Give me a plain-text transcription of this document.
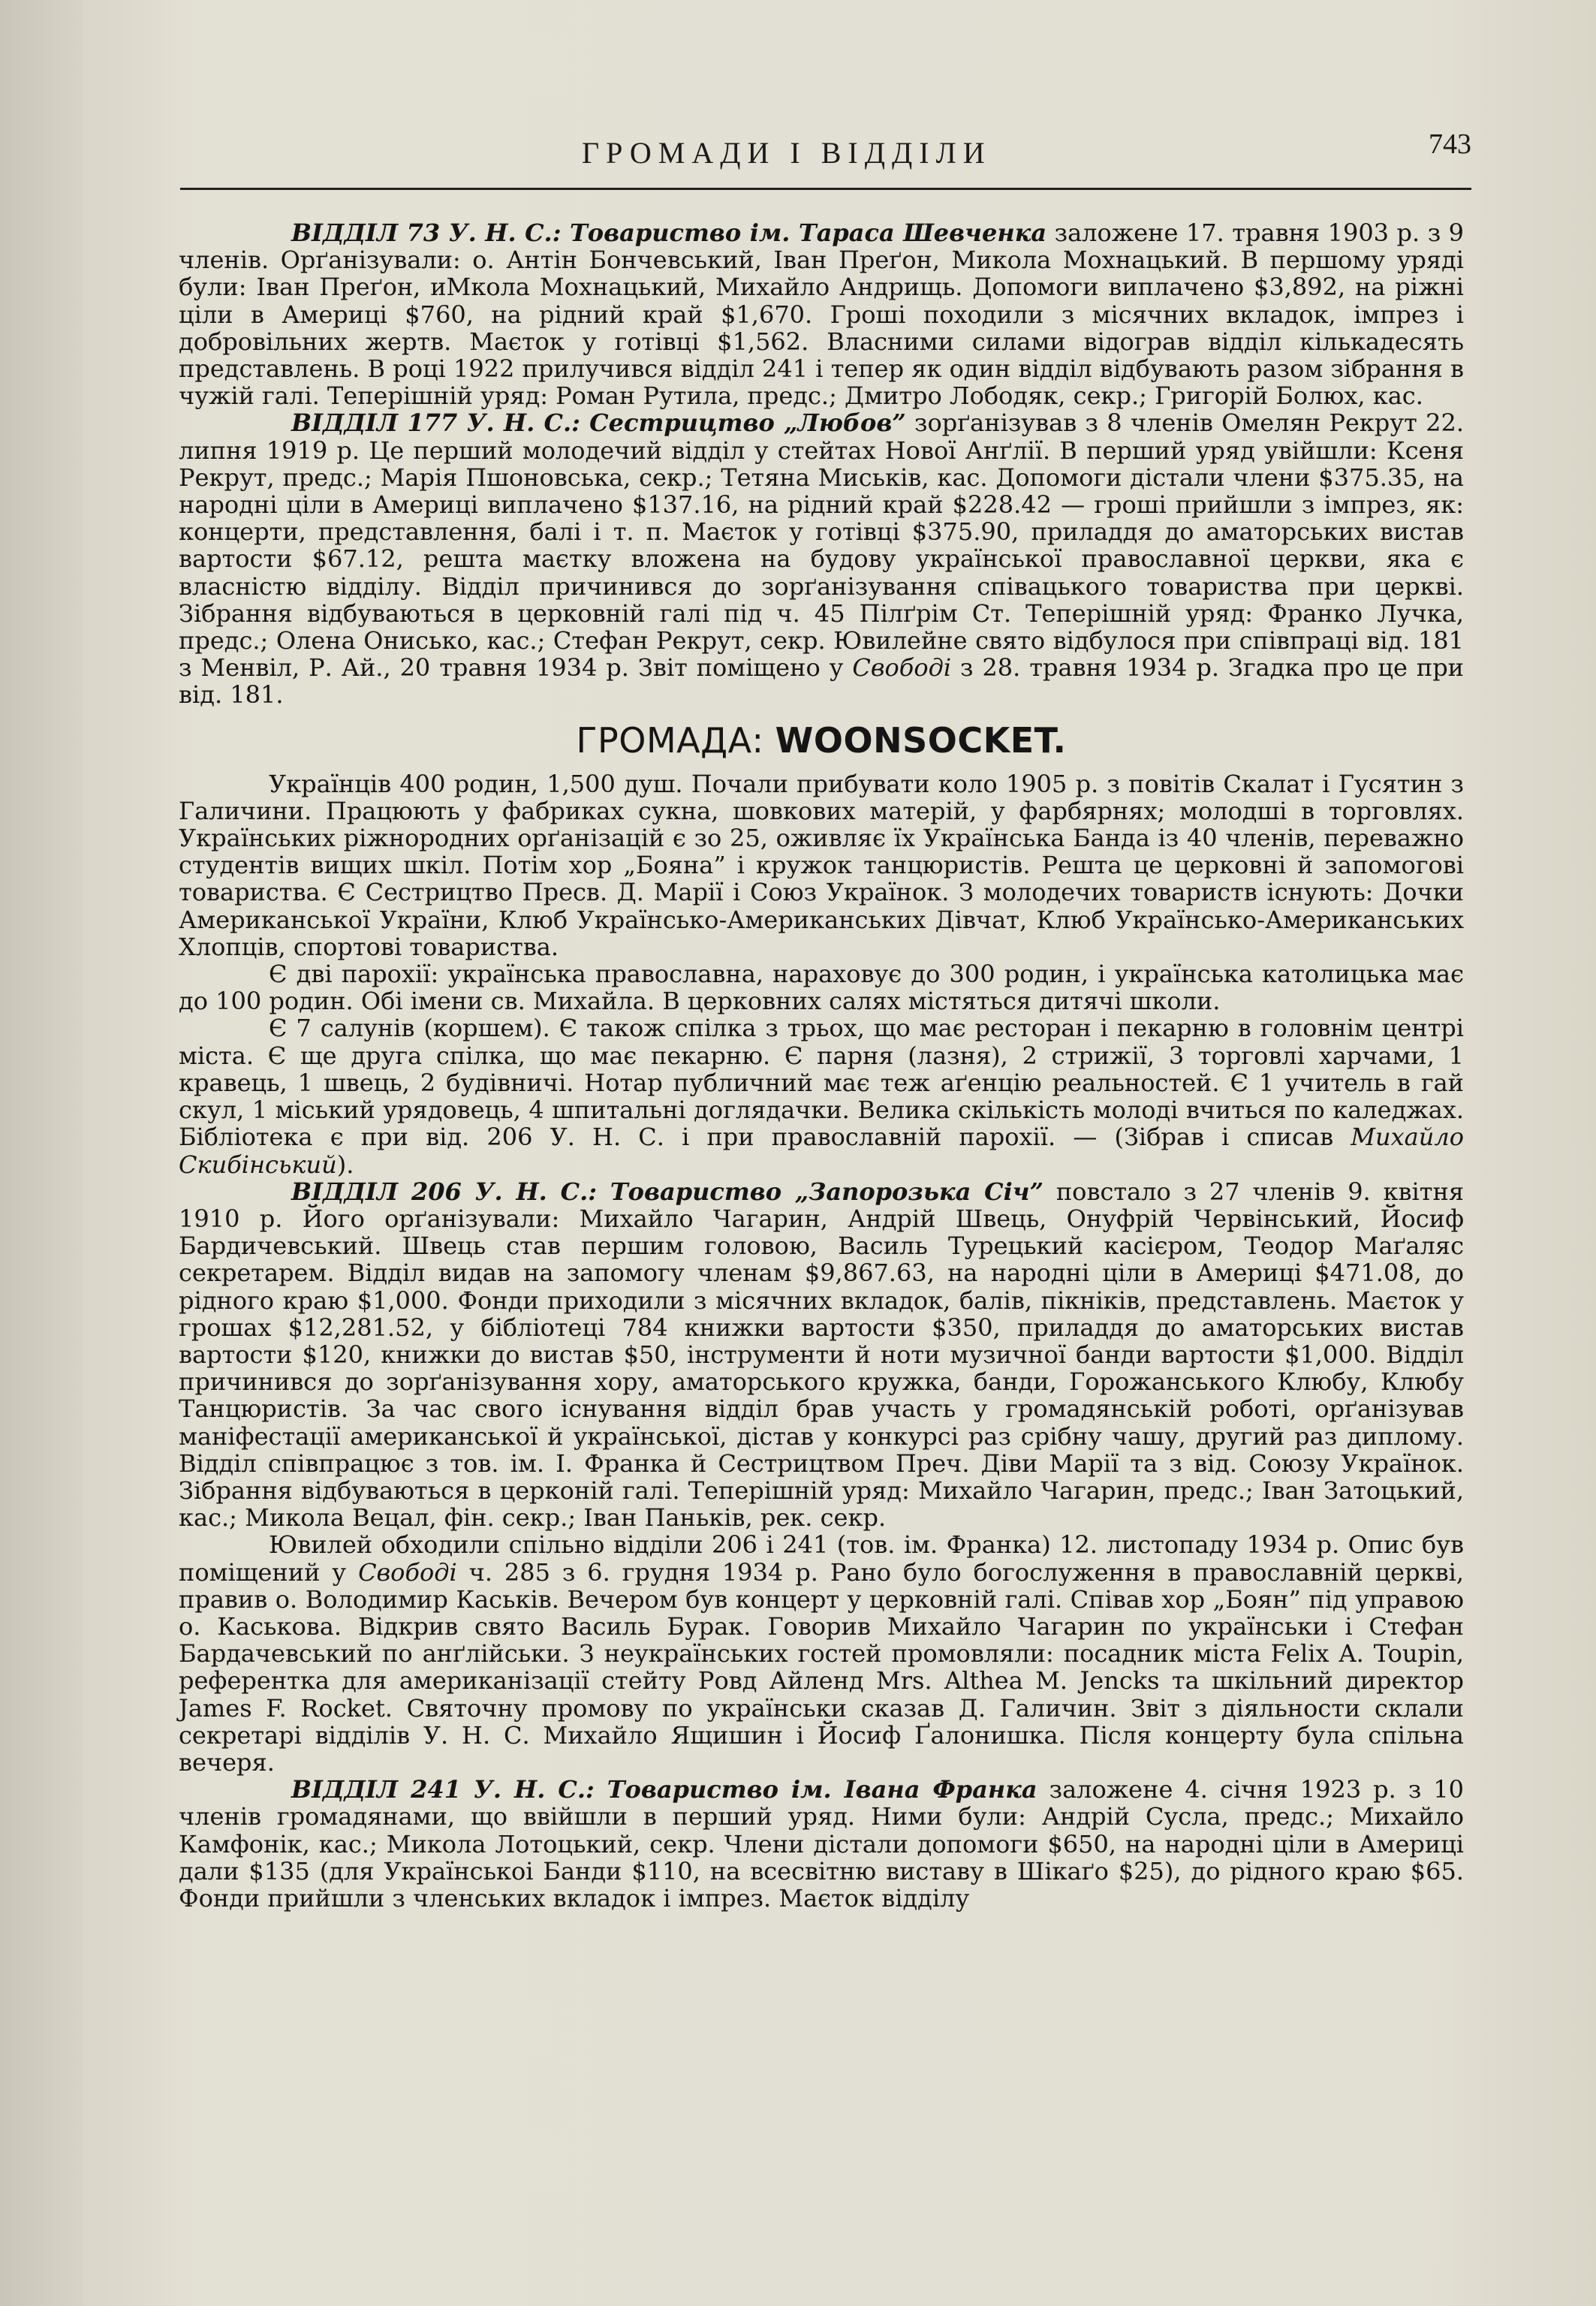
ГРОМАДИ І ВІДДІЛИ	743

ВІДДІЛ 73 У. Н. С.: Товариство ім. Тараса Шевченка заложене 17. травня 1903 р. з 9 членів. Орґанізували: о. Антін Бончевський, Іван Преґон, Микола Мохнацький. В першому уряді були: Іван Преґон, иМкола Мохнацький, Михайло Андрищь. Допомоги виплачено $3,892, на ріжні ціли в Америці $760, на рідний край $1,670. Гроші походили з місячних вкладок, імпрез і добровільних жертв. Маєток у готівці $1,562. Власними силами відограв відділ кількадесять представлень. В році 1922 прилучився відділ 241 і тепер як один відділ відбувають разом зібрання в чужій галі. Теперішній уряд: Роман Рутила, предс.; Дмитро Лободяк, секр.; Григорій Болюх, кас.

ВІДДІЛ 177 У. Н. С.: Сестрицтво „Любов” зорґанізував з 8 членів Омелян Рекрут 22. липня 1919 р. Це перший молодечий відділ у стейтах Нової Анґлії. В перший уряд увійшли: Ксеня Рекрут, предс.; Марія Пшоновська, секр.; Тетяна Миськів, кас. Допомоги дістали члени $375.35, на народні ціли в Америці виплачено $137.16, на рідний край $228.42 — гроші прийшли з імпрез, як: концерти, представлення, балі і т. п. Маєток у готівці $375.90, приладдя до аматорських вистав вартости $67.12, решта маєтку вложена на будову української православної церкви, яка є власністю відділу. Відділ причинився до зорґанізування співацького товариства при церкві. Зібрання відбуваються в церковній галі під ч. 45 Пілґрім Ст. Теперішній уряд: Франко Лучка, предс.; Олена Онисько, кас.; Стефан Рекрут, секр. Ювилейне свято відбулося при співпраці від. 181 з Менвіл, Р. Ай., 20 травня 1934 р. Звіт поміщено у Свободі з 28. травня 1934 р. Згадка про це при від. 181.

ГРОМАДА: WOONSOCKET.

Українців 400 родин, 1,500 душ. Почали прибувати коло 1905 р. з повітів Скалат і Гусятин з Галичини. Працюють у фабриках сукна, шовкових матерій, у фарбярнях; молодші в торговлях. Українських ріжнородних орґанізацій є зо 25, оживляє їх Українська Банда із 40 членів, переважно студентів вищих шкіл. Потім хор „Бояна” і кружок танцюристів. Решта це церковні й запомогові товариства. Є Сестрицтво Пресв. Д. Марії і Союз Українок. З молодечих товариств існують: Дочки Американської України, Клюб Українсько-Американських Дівчат, Клюб Українсько-Американських Хлопців, спортові товариства.

Є дві парохії: українська православна, нараховує до 300 родин, і українська католицька має до 100 родин. Обі імени св. Михайла. В церковних салях містяться дитячі школи.

Є 7 салунів (коршем). Є також спілка з трьох, що має ресторан і пекарню в головнім центрі міста. Є ще друга спілка, що має пекарню. Є парня (лазня), 2 стрижії, 3 торговлі харчами, 1 кравець, 1 швець, 2 будівничі. Нотар публичний має теж аґенцію реальностей. Є 1 учитель в гай скул, 1 міський урядовець, 4 шпитальні доглядачки. Велика скількість молоді вчиться по каледжах. Бібліотека є при від. 206 У. Н. С. і при православній парохії. — (Зібрав і списав Михайло Скибінський).

ВІДДІЛ 206 У. Н. С.: Товариство „Запорозька Січ” повстало з 27 членів 9. квітня 1910 р. Його орґанізували: Михайло Чагарин, Андрій Швець, Онуфрій Червінський, Йосиф Бардичевський. Швець став першим головою, Василь Турецький касієром, Теодор Маґаляс секретарем. Відділ видав на запомогу членам $9,867.63, на народні ціли в Америці $471.08, до рідного краю $1,000. Фонди приходили з місячних вкладок, балів, пікніків, представлень. Маєток у грошах $12,281.52, у бібліотеці 784 книжки вартости $350, приладдя до аматорських вистав вартости $120, книжки до вистав $50, інструменти й ноти музичної банди вартости $1,000. Відділ причинився до зорґанізування хору, аматорського кружка, банди, Горожанського Клюбу, Клюбу Танцюристів. За час свого існування відділ брав участь у громадянській роботі, орґанізував маніфестації американської й української, дістав у конкурсі раз срібну чашу, другий раз диплому. Відділ співпрацює з тов. ім. І. Франка й Сестрицтвом Преч. Діви Марії та з від. Союзу Українок. Зібрання відбуваються в церконій галі. Теперішній уряд: Михайло Чагарин, предс.; Іван Затоцький, кас.; Микола Вецал, фін. секр.; Іван Паньків, рек. секр.

Ювилей обходили спільно відділи 206 і 241 (тов. ім. Франка) 12. листопаду 1934 р. Опис був поміщений у Свободі ч. 285 з 6. грудня 1934 р. Рано було богослуження в православній церкві, правив о. Володимир Каськів. Вечером був концерт у церковній галі. Співав хор „Боян” під управою о. Каськова. Відкрив свято Василь Бурак. Говорив Михайло Чагарин по українськи і Стефан Бардачевський по анґлійськи. З неукраїнських гостей промовляли: посадник міста Felix A. Toupin, референтка для американізації стейту Ровд Айленд Mrs. Althea M. Jencks та шкільний директор James F. Rocket. Святочну промову по українськи сказав Д. Галичин. Звіт з діяльности склали секретарі відділів У. Н. С. Михайло Ящишин і Йосиф Ґалонишка. Після концерту була спільна вечеря.

ВІДДІЛ 241 У. Н. С.: Товариство ім. Івана Франка заложене 4. січня 1923 р. з 10 членів громадянами, що ввійшли в перший уряд. Ними були: Андрій Сусла, предс.; Михайло Камфонік, кас.; Микола Лотоцький, секр. Члени дістали допомоги $650, на народні ціли в Америці дали $135 (для Українськоі Банди $110, на всесвітню виставу в Шікаґо $25), до рідного краю $65. Фонди прийшли з членських вкладок і імпрез. Маєток відділу
